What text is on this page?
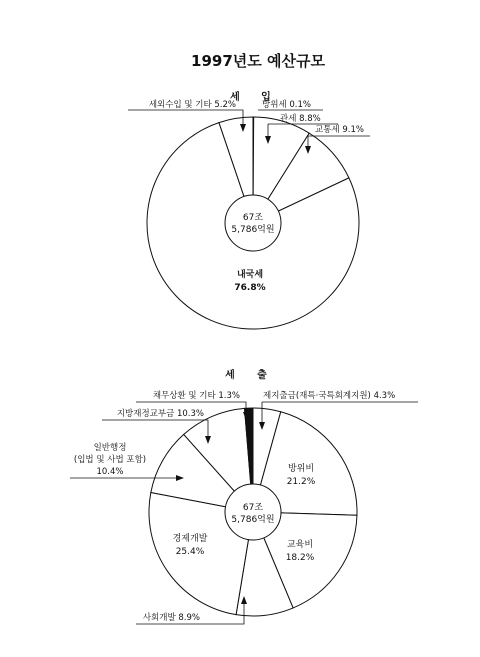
1997년도 예산규모
세 입
67조
5,786억원
세외수입 및 기타 5.2%	방위세 0.1%
관세 8.8%
교통세 9.1%
내국세
76.8%
세 출
67조
5,786억원
채무상환 및 기타 1.3%	제지출금(재특·국특회계지원) 4.3%
지방재정교부금 10.3%
일반행정
(입법 및 사법 포함)
10.4%
사회개발 8.9%
방위비
21.2%
교육비
18.2%
경제개발
25.4%
